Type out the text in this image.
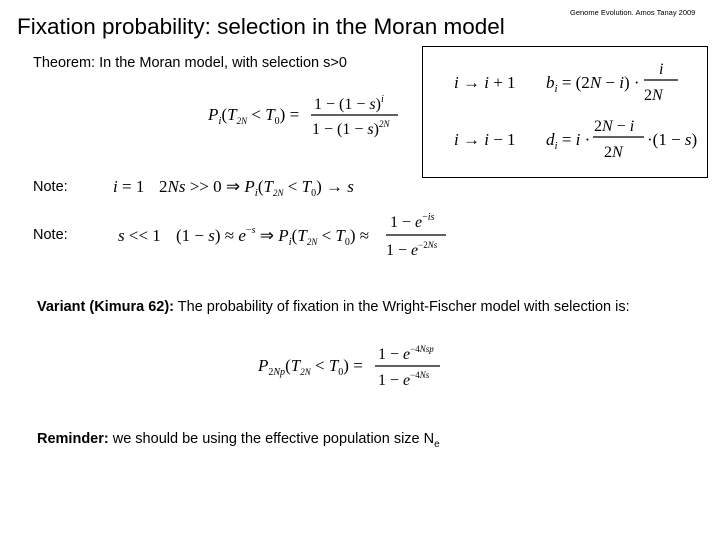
Fixation probability: selection in the Moran model
Genome Evolution. Amos Tanay 2009
Theorem: In the Moran model, with selection s>0
$P_i(T_{2N} < T_0)$ =
$1 - (1 - s)^i$
$1 - (1 - s)^{2N}$
i → i + 1 $b_i = (2N - i)$ ·
i
2N
i → i − 1 $d_i = i$ ·
2N − i
2N
·(1 − s)
Note:	i = 1 2Ns >> 0 ⇒ $P_i(T_{2N} < T_0) \to s$
Note:	s << 1 $(1 - s) \approx e^{-s}$ ⇒ $P_i(T_{2N} < T_0)$ ≈
$1 - e^{-is}$
$1 - e^{-2Ns}$
Variant (Kimura 62): The probability of fixation in the Wright-Fischer model with selection is:
$P_{2Np}(T_{2N} < T_0)$ =
$1 - e^{-4Nsp}$
$1 - e^{-4Ns}$
Reminder: we should be using the effective population size $N_e$
